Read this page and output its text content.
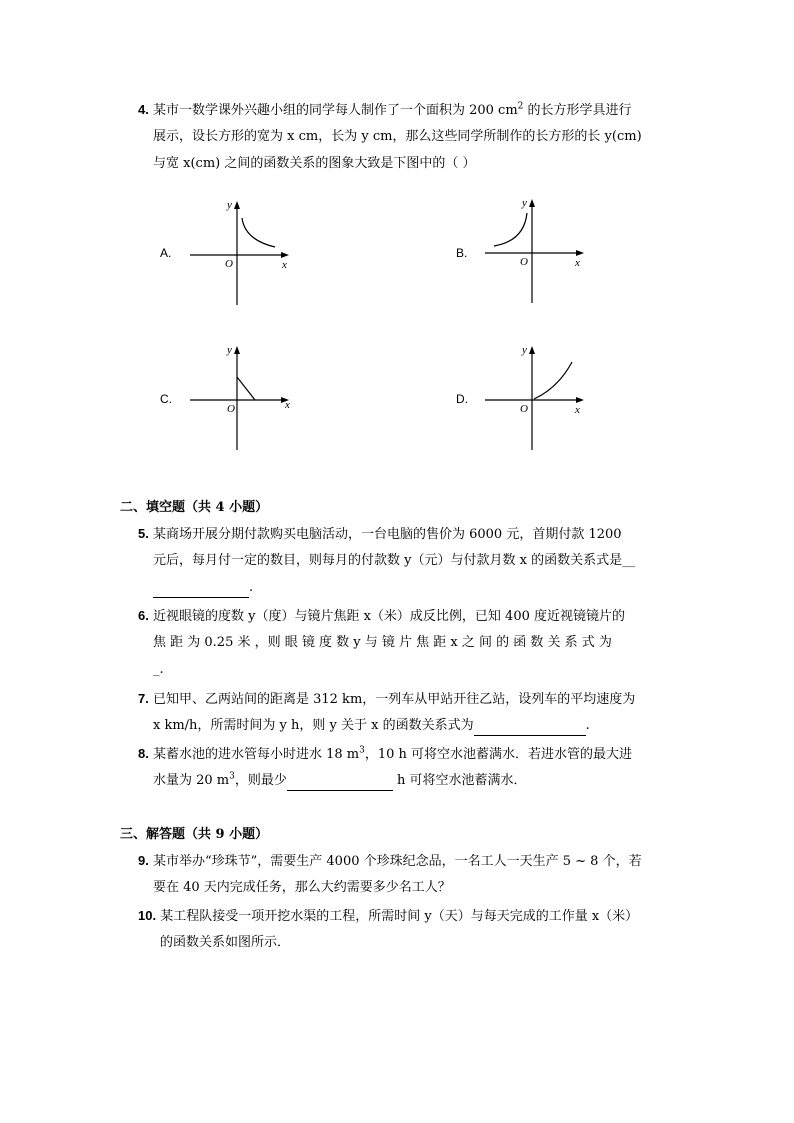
4. 某市一数学课外兴趣小组的同学每人制作了一个面积为 200 $cm^2$ 的长方形学具进行
展示，设长方形的宽为 x cm，长为 y cm，那么这些同学所制作的长方形的长 y(cm)
与宽 x(cm) 之间的函数关系的图象大致是下图中的（ ）
A.
y
O	x
B.
y
O	x
C.
y
O	x	D.
y
O	x
二、填空题（共 4 小题）
5. 某商场开展分期付款购买电脑活动，一台电脑的售价为 6000 元，首期付款 1200
元后，每月付一定的数目，则每月的付款数 y（元）与付款月数 x 的函数关系式是__
.
6. 近视眼镜的度数 y（度）与镜片焦距 x（米）成反比例，已知 400 度近视镜镜片的
焦 距 为 0.25 米 ，则 眼 镜 度 数 y 与 镜 片 焦 距 x 之 间 的 函 数 关 系 式 为
_.
7. 已知甲、乙两站间的距离是 312 km，一列车从甲站开往乙站，设列车的平均速度为
x km/h，所需时间为 y h，则 y 关于 x 的函数关系式为	.
8. 某蓄水池的进水管每小时进水 18 $m^3$，10 h 可将空水池蓄满水．若进水管的最大进
水量为 20 $m^3$，则最少	h 可将空水池蓄满水．
三、解答题（共 9 小题）
9. 某市举办“珍珠节”，需要生产 4000 个珍珠纪念品，一名工人一天生产 5 ~ 8 个，若
要在 40 天内完成任务，那么大约需要多少名工人？
10. 某工程队接受一项开挖水渠的工程，所需时间 y（天）与每天完成的工作量 x（米）
的函数关系如图所示．
